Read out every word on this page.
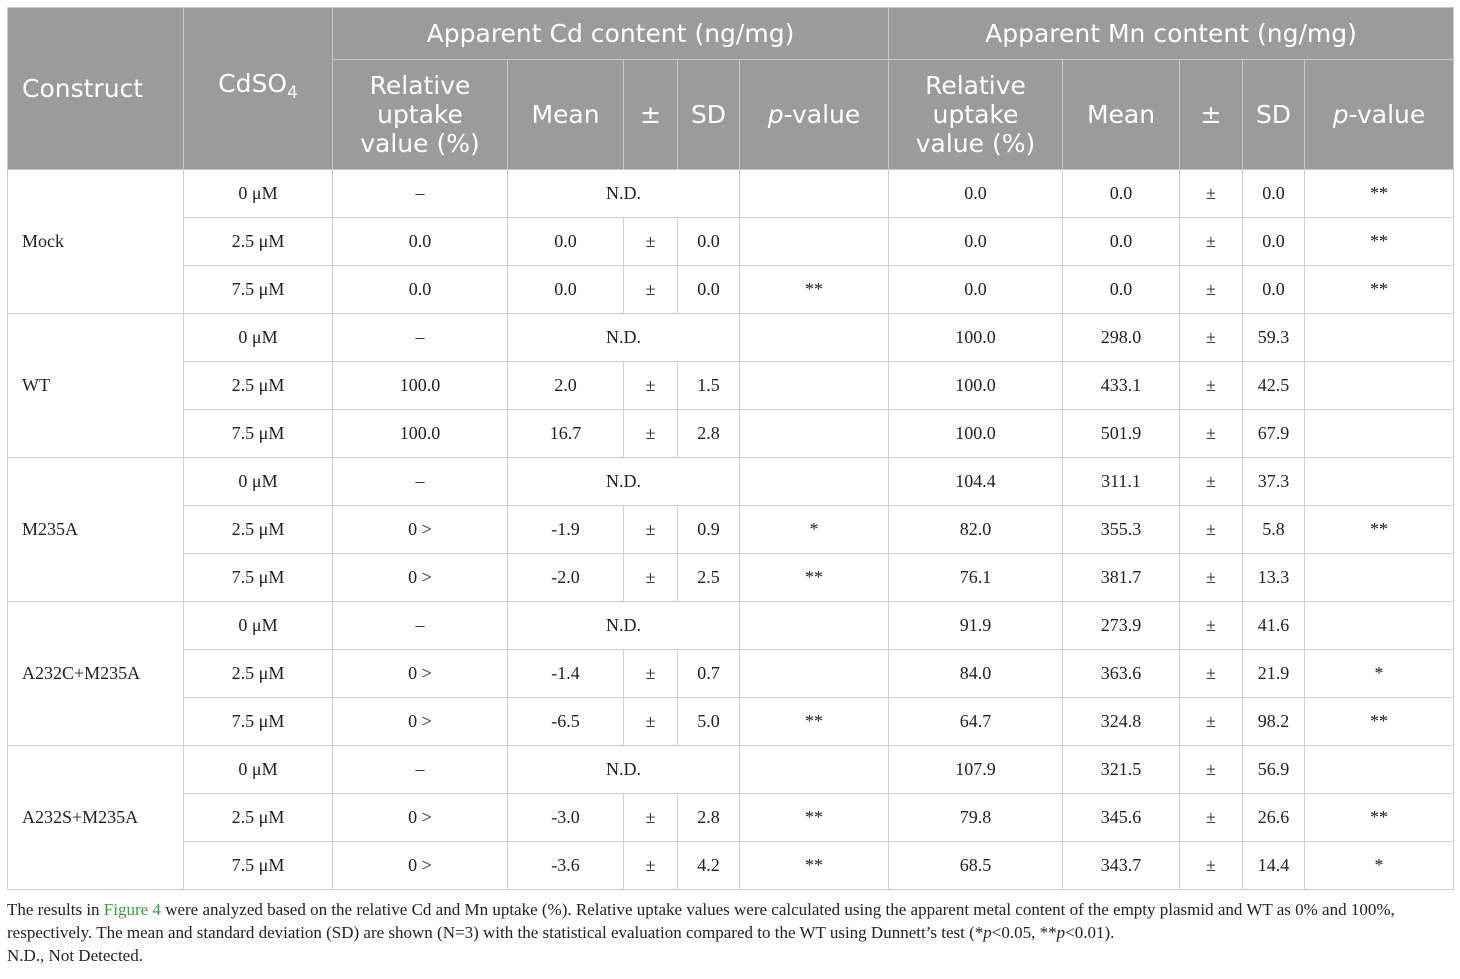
Construct	CdSO$_4$	Apparent Cd content (ng/mg)					Apparent Mn content (ng/mg)				

		Relative uptake value (%)	Mean	±	SD	p-value	Relative uptake value (%)	Mean	±	SD	p-value
Mock	0 μM	–	N.D.				0.0	0.0	±	0.0	**
	2.5 μM	0.0	0.0	±	0.0		0.0	0.0	±	0.0	**
	7.5 μM	0.0	0.0	±	0.0	**	0.0	0.0	±	0.0	**
WT	0 μM	–	N.D.				100.0	298.0	±	59.3	
	2.5 μM	100.0	2.0	±	1.5		100.0	433.1	±	42.5	
	7.5 μM	100.0	16.7	±	2.8		100.0	501.9	±	67.9	
M235A	0 μM	–	N.D.				104.4	311.1	±	37.3	
	2.5 μM	0 >	-1.9	±	0.9	*	82.0	355.3	±	5.8	**
	7.5 μM	0 >	-2.0	±	2.5	**	76.1	381.7	±	13.3	
A232C+M235A	0 μM	–	N.D.				91.9	273.9	±	41.6	
	2.5 μM	0 >	-1.4	±	0.7		84.0	363.6	±	21.9	*
	7.5 μM	0 >	-6.5	±	5.0	**	64.7	324.8	±	98.2	**
A232S+M235A	0 μM	–	N.D.				107.9	321.5	±	56.9	
	2.5 μM	0 >	-3.0	±	2.8	**	79.8	345.6	±	26.6	**
	7.5 μM	0 >	-3.6	±	4.2	**	68.5	343.7	±	14.4	*
The results in Figure 4 were analyzed based on the relative Cd and Mn uptake (%). Relative uptake values were calculated using the apparent metal content of the empty plasmid and WT as 0% and 100%, respectively. The mean and standard deviation (SD) are shown (N=3) with the statistical evaluation compared to the WT using Dunnett’s test (*p<0.05, **p<0.01).
N.D., Not Detected.
